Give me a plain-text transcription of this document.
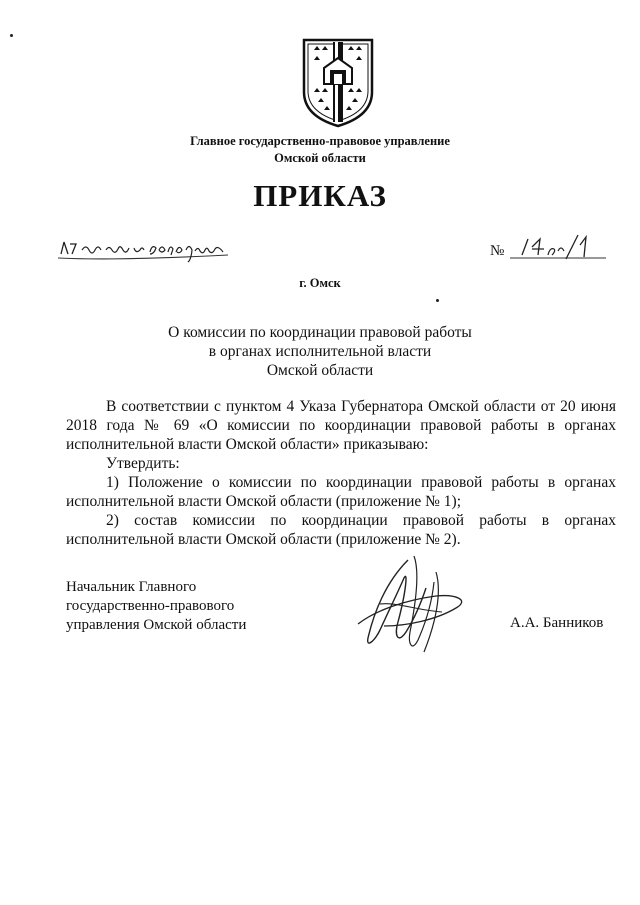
Главное государственно-правовое управление
Омской области
ПРИКАЗ
№
г. Омск
О комиссии по координации правовой работы
в органах исполнительной власти
Омской области

В соответствии с пунктом 4 Указа Губернатора Омской области от 20 июня 2018 года № 69 «О комиссии по координации правовой работы в органах исполнительной власти Омской области» приказываю:

Утвердить:

1) Положение о комиссии по координации правовой работы в органах исполнительной власти Омской области (приложение № 1);

2) состав комиссии по координации правовой работы в органах исполнительной власти Омской области (приложение № 2).

Начальник Главного
государственно-правового
управления Омской области	А.А. Банников
